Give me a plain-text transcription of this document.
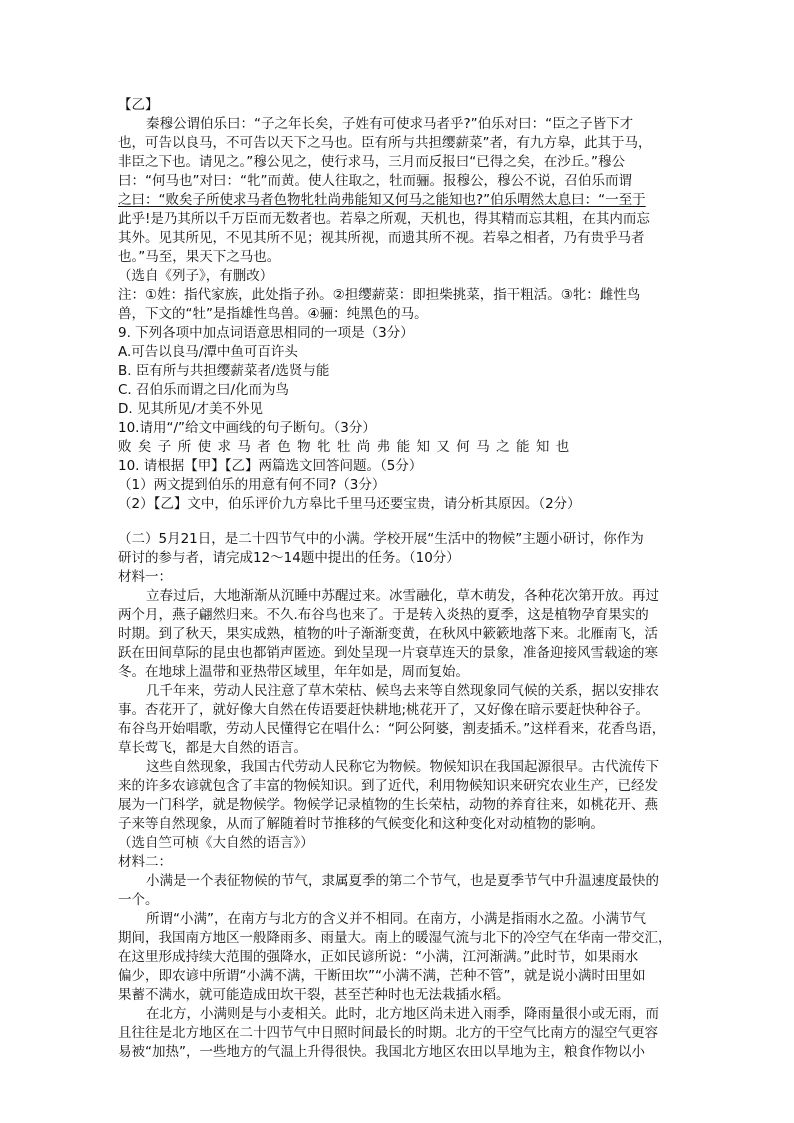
【乙】
秦穆公谓伯乐曰：“子之年长矣，子姓有可使求马者乎?”伯乐对曰：“臣之子皆下才
也，可告以良马，不可告以天下之马也。臣有所与共担缨薪菜”者，有九方皋，此其于马，
非臣之下也。请见之。”穆公见之，使行求马，三月而反报曰“已得之矣，在沙丘。”穆公
曰：“何马也”对曰：“牝”而黄。使人往取之，牡而骊。报穆公，穆公不说，召伯乐而谓
之曰：“败矣子所使求马者色物牝牡尚弗能知又何马之能知也?”伯乐喟然太息曰：“一至于
此乎!是乃其所以千万臣而无数者也。若皋之所观，天机也，得其精而忘其粗，在其内而忘
其外。见其所见，不见其所不见；视其所视，而遗其所不视。若皋之相者，乃有贵乎马者
也。”马至，果天下之马也。
（选自《列子》，有删改）
注：①姓：指代家族，此处指子孙。②担缨薪菜：即担柴挑菜，指干粗活。③牝：雌性鸟
兽，下文的“牡”是指雄性鸟兽。④骊：纯黑色的马。
9. 下列各项中加点词语意思相同的一项是（3分）
A.可告以良马/潭中鱼可百许头
B. 臣有所与共担缨薪菜者/选贤与能
C. 召伯乐而谓之曰/化而为鸟
D. 见其所见/才美不外见
10.请用“/”给文中画线的句子断句。（3分）
败矣子所使求马者色物牝牡尚弗能知又何马之能知也
10. 请根据【甲】【乙】两篇选文回答问题。（5分）
（1）两文提到伯乐的用意有何不同?（3分）
（2）【乙】文中，伯乐评价九方皋比千里马还要宝贵，请分析其原因。（2分）
（二）5月21日，是二十四节气中的小满。学校开展“生活中的物候”主题小研讨，你作为
研讨的参与者，请完成12～14题中提出的任务。（10分）
材料一：
立春过后，大地渐渐从沉睡中苏醒过来。冰雪融化，草木萌发，各种花次第开放。再过
两个月，燕子翩然归来。不久.布谷鸟也来了。于是转入炎热的夏季，这是植物孕育果实的
时期。到了秋天，果实成熟，植物的叶子渐渐变黄，在秋风中簌簌地落下来。北雁南飞，活
跃在田间草际的昆虫也都销声匿迹。到处呈现一片衰草连天的景象，准备迎接风雪载途的寒
冬。在地球上温带和亚热带区域里，年年如是，周而复始。
几千年来，劳动人民注意了草木荣枯、候鸟去来等自然现象同气候的关系，据以安排农
事。杏花开了，就好像大自然在传语要赶快耕地;桃花开了，又好像在暗示要赶快种谷子。
布谷鸟开始唱歌，劳动人民懂得它在唱什么：“阿公阿婆，割麦插禾。”这样看来，花香鸟语，
草长莺飞，都是大自然的语言。
这些自然现象，我国古代劳动人民称它为物候。物候知识在我国起源很早。古代流传下
来的许多农谚就包含了丰富的物候知识。到了近代，利用物候知识来研究农业生产，已经发
展为一门科学，就是物候学。物候学记录植物的生长荣枯，动物的养育往来，如桃花开、燕
子来等自然现象，从而了解随着时节推移的气候变化和这种变化对动植物的影响。
（选自竺可桢《大自然的语言》）
材料二：
小满是一个表征物候的节气，隶属夏季的第二个节气，也是夏季节气中升温速度最快的
一个。
所谓“小满”，在南方与北方的含义并不相同。在南方，小满是指雨水之盈。小满节气
期间，我国南方地区一般降雨多、雨量大。南上的暖湿气流与北下的冷空气在华南一带交汇，
在这里形成持续大范围的强降水，正如民谚所说：“小满，江河渐满。”此时节，如果雨水
偏少，即农谚中所谓“小满不满，干断田坎”“小满不满，芒种不管”，就是说小满时田里如
果蓄不满水，就可能造成田坎干裂，甚至芒种时也无法栽插水稻。
在北方，小满则是与小麦相关。此时，北方地区尚未进入雨季，降雨量很小或无雨，而
且往往是北方地区在二十四节气中日照时间最长的时期。北方的干空气比南方的湿空气更容
易被“加热”，一些地方的气温上升得很快。我国北方地区农田以旱地为主，粮食作物以小
